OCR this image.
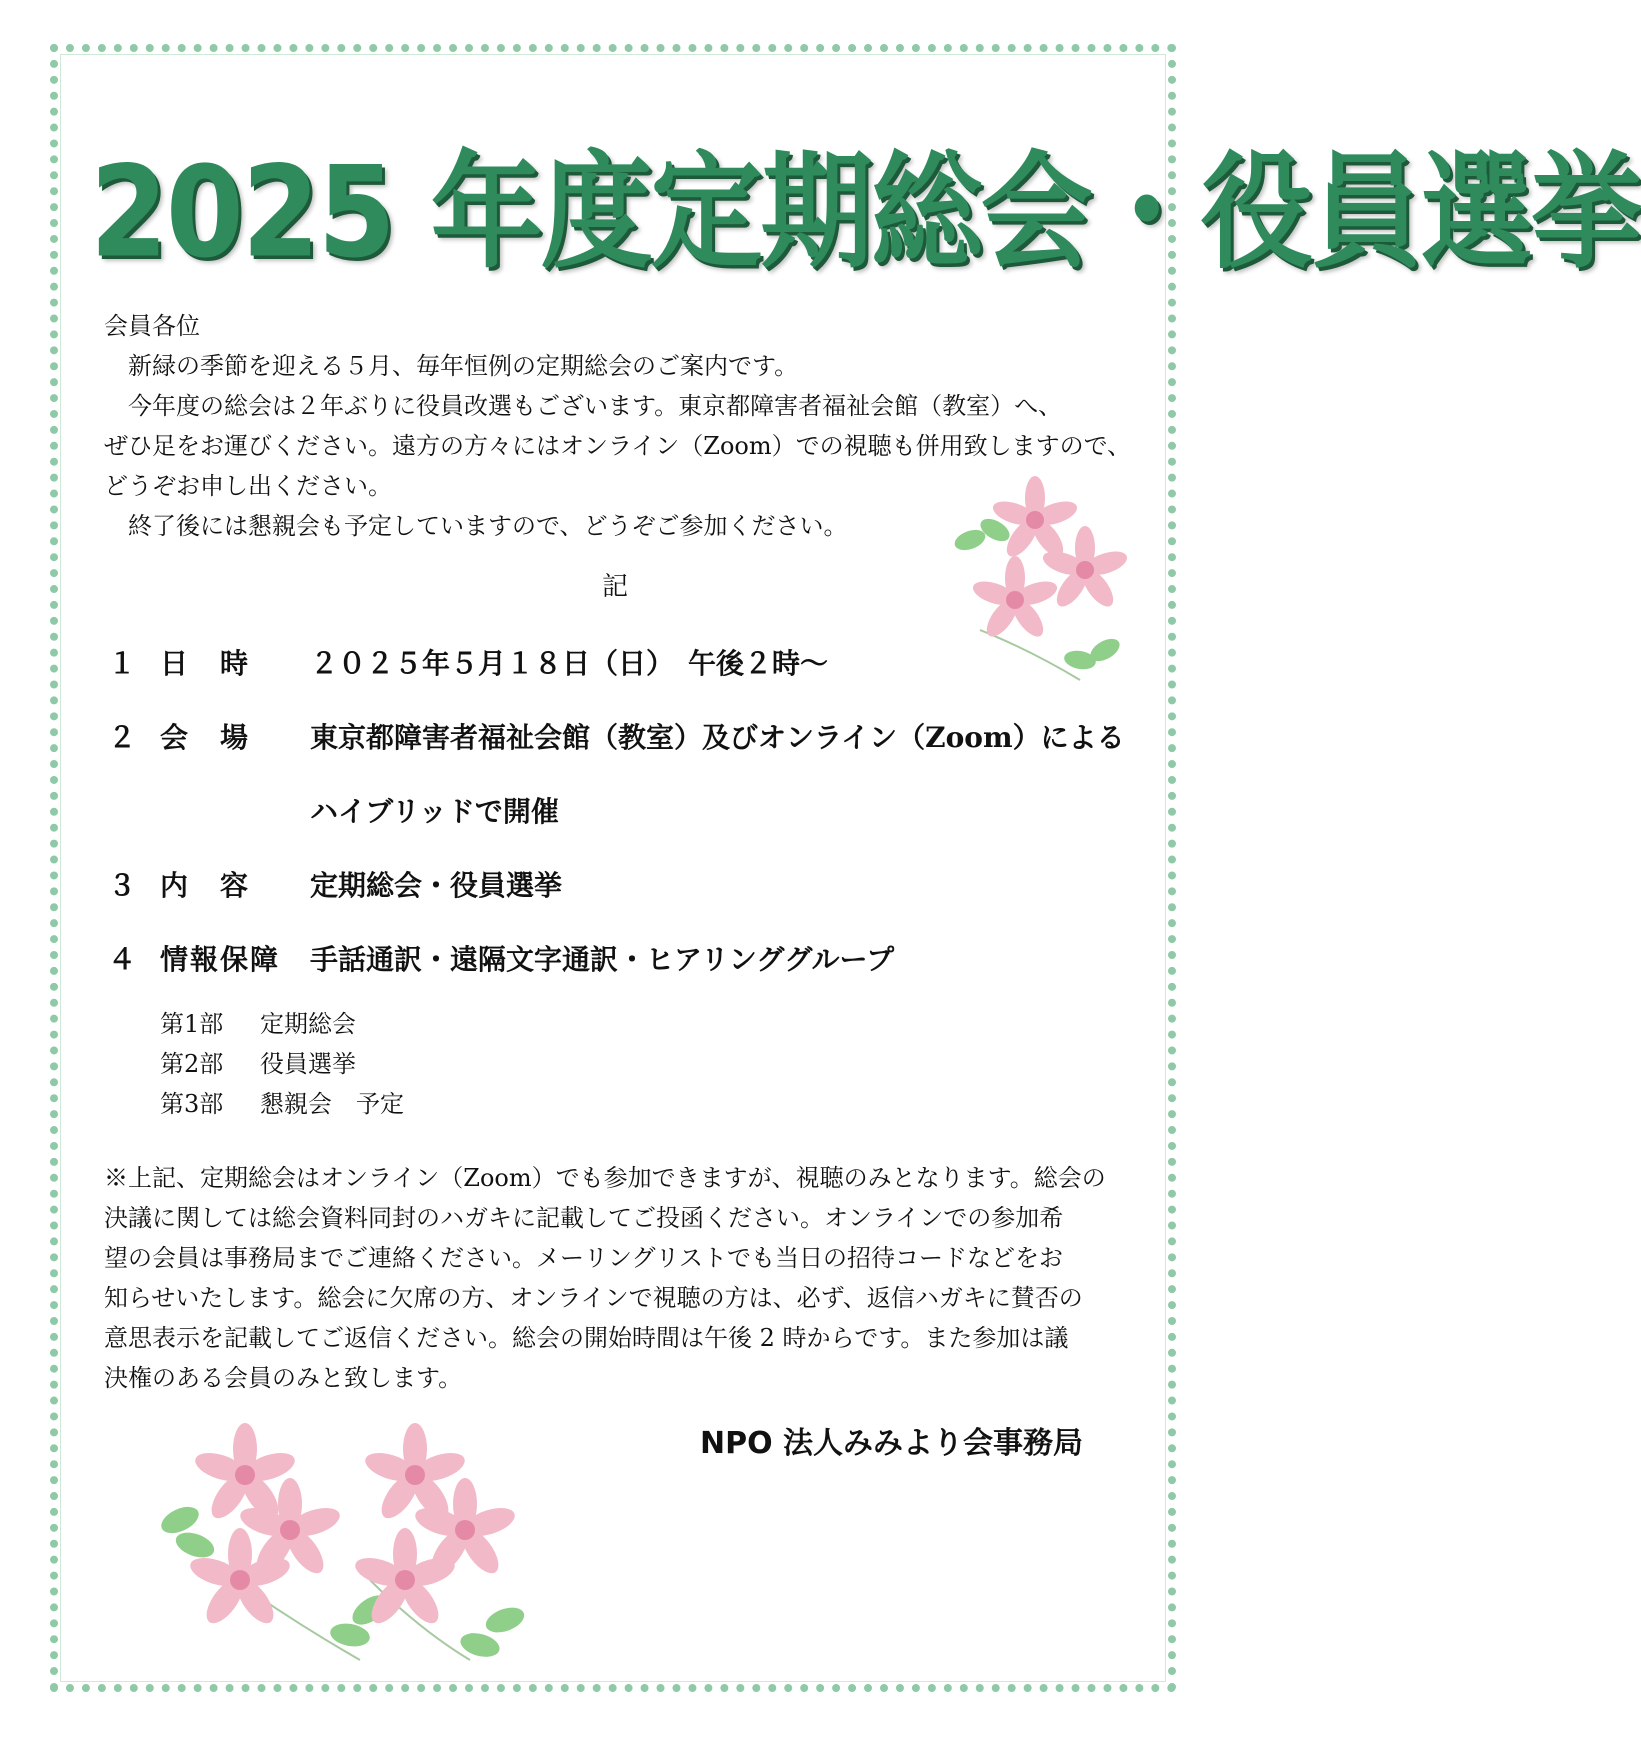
2025 年度定期総会・役員選挙
会員各位
　新緑の季節を迎える５月、毎年恒例の定期総会のご案内です。
　今年度の総会は２年ぶりに役員改選もございます。東京都障害者福祉会館（教室）へ、
ぜひ足をお運びください。遠方の方々にはオンライン（Zoom）での視聴も併用致しますので、
どうぞお申し出ください。
　終了後には懇親会も予定していますので、どうぞご参加ください。
記
１ 日　時 ２０２５年５月１８日（日）　午後２時～
２ 会　場 東京都障害者福祉会館（教室）及びオンライン（Zoom）による
ハイブリッドで開催
３ 内　容 定期総会・役員選挙
４ 情報保障 手話通訳・遠隔文字通訳・ヒアリンググループ
第1部 定期総会
第2部 役員選挙
第3部 懇親会　予定
※上記、定期総会はオンライン（Zoom）でも参加できますが、視聴のみとなります。総会の
決議に関しては総会資料同封のハガキに記載してご投函ください。オンラインでの参加希
望の会員は事務局までご連絡ください。メーリングリストでも当日の招待コードなどをお
知らせいたします。総会に欠席の方、オンラインで視聴の方は、必ず、返信ハガキに賛否の
意思表示を記載してご返信ください。総会の開始時間は午後 2 時からです。また参加は議
決権のある会員のみと致します。
NPO 法人みみより会事務局
